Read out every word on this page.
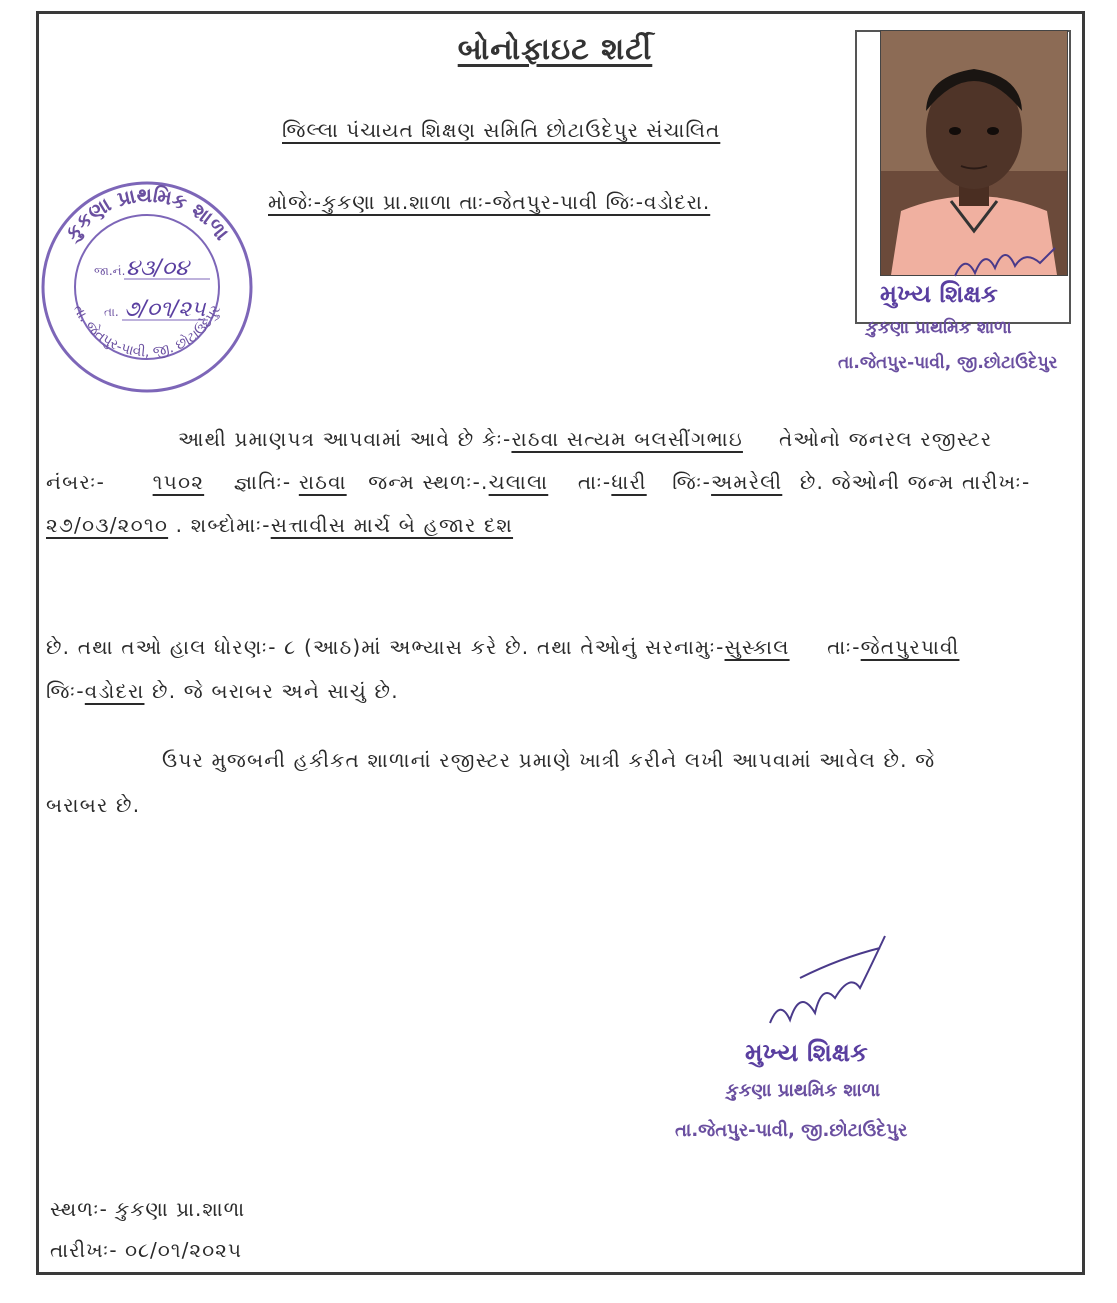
બોનોફાઇટ શર્ટી
જિલ્લા પંચાયત શિક્ષણ સમિતિ છોટાઉદેપુર સંચાલિત
મોજેઃ-કુકણા પ્રા.શાળા તાઃ-જેતપુર-પાવી જિઃ-વડોદરા.
કુકણા પ્રાથમિક શાળા
તા. જેતપુર-પાવી, જી. છોટાઉદેપુર
જા.નં. ૪૩/૦૪
તા. ૭/૦૧/૨૫
મુખ્ય શિક્ષક
કુકણા પ્રાથમિક શાળા
તા.જેતપુર-પાવી, જી.છોટાઉદેપુર
આથી પ્રમાણપત્ર આપવામાં આવે છે કેઃ-રાઠવા સત્યમ બલસીંગભાઇ તેઓનો જનરલ રજીસ્ટર
નંબરઃ- ૧૫૦૨ જ્ઞાતિઃ- રાઠવા જન્મ સ્થળઃ-.ચલાલા તાઃ-ધારી જિઃ-અમરેલી છે. જેઓની જન્મ તારીખઃ-
૨૭/૦૩/૨૦૧૦ . શબ્દોમાઃ-સત્તાવીસ માર્ચ બે હજાર દશ
છે. તથા તઓ હાલ ધોરણઃ- ૮ (આઠ)માં અભ્યાસ કરે છે. તથા તેઓનું સરનામુઃ-સુસ્કાલ તાઃ-જેતપુરપાવી
જિઃ-વડોદરા છે. જે બરાબર અને સાચું છે.
ઉપર મુજબની હકીકત શાળાનાં રજીસ્ટર પ્રમાણે ખાત્રી કરીને લખી આપવામાં આવેલ છે. જે
બરાબર છે.
મુખ્ય શિક્ષક
કુકણા પ્રાથમિક શાળા
તા.જેતપુર-પાવી, જી.છોટાઉદેપુર
સ્થળઃ- કુકણા પ્રા.શાળા
તારીખઃ- ૦૮/૦૧/૨૦૨૫
